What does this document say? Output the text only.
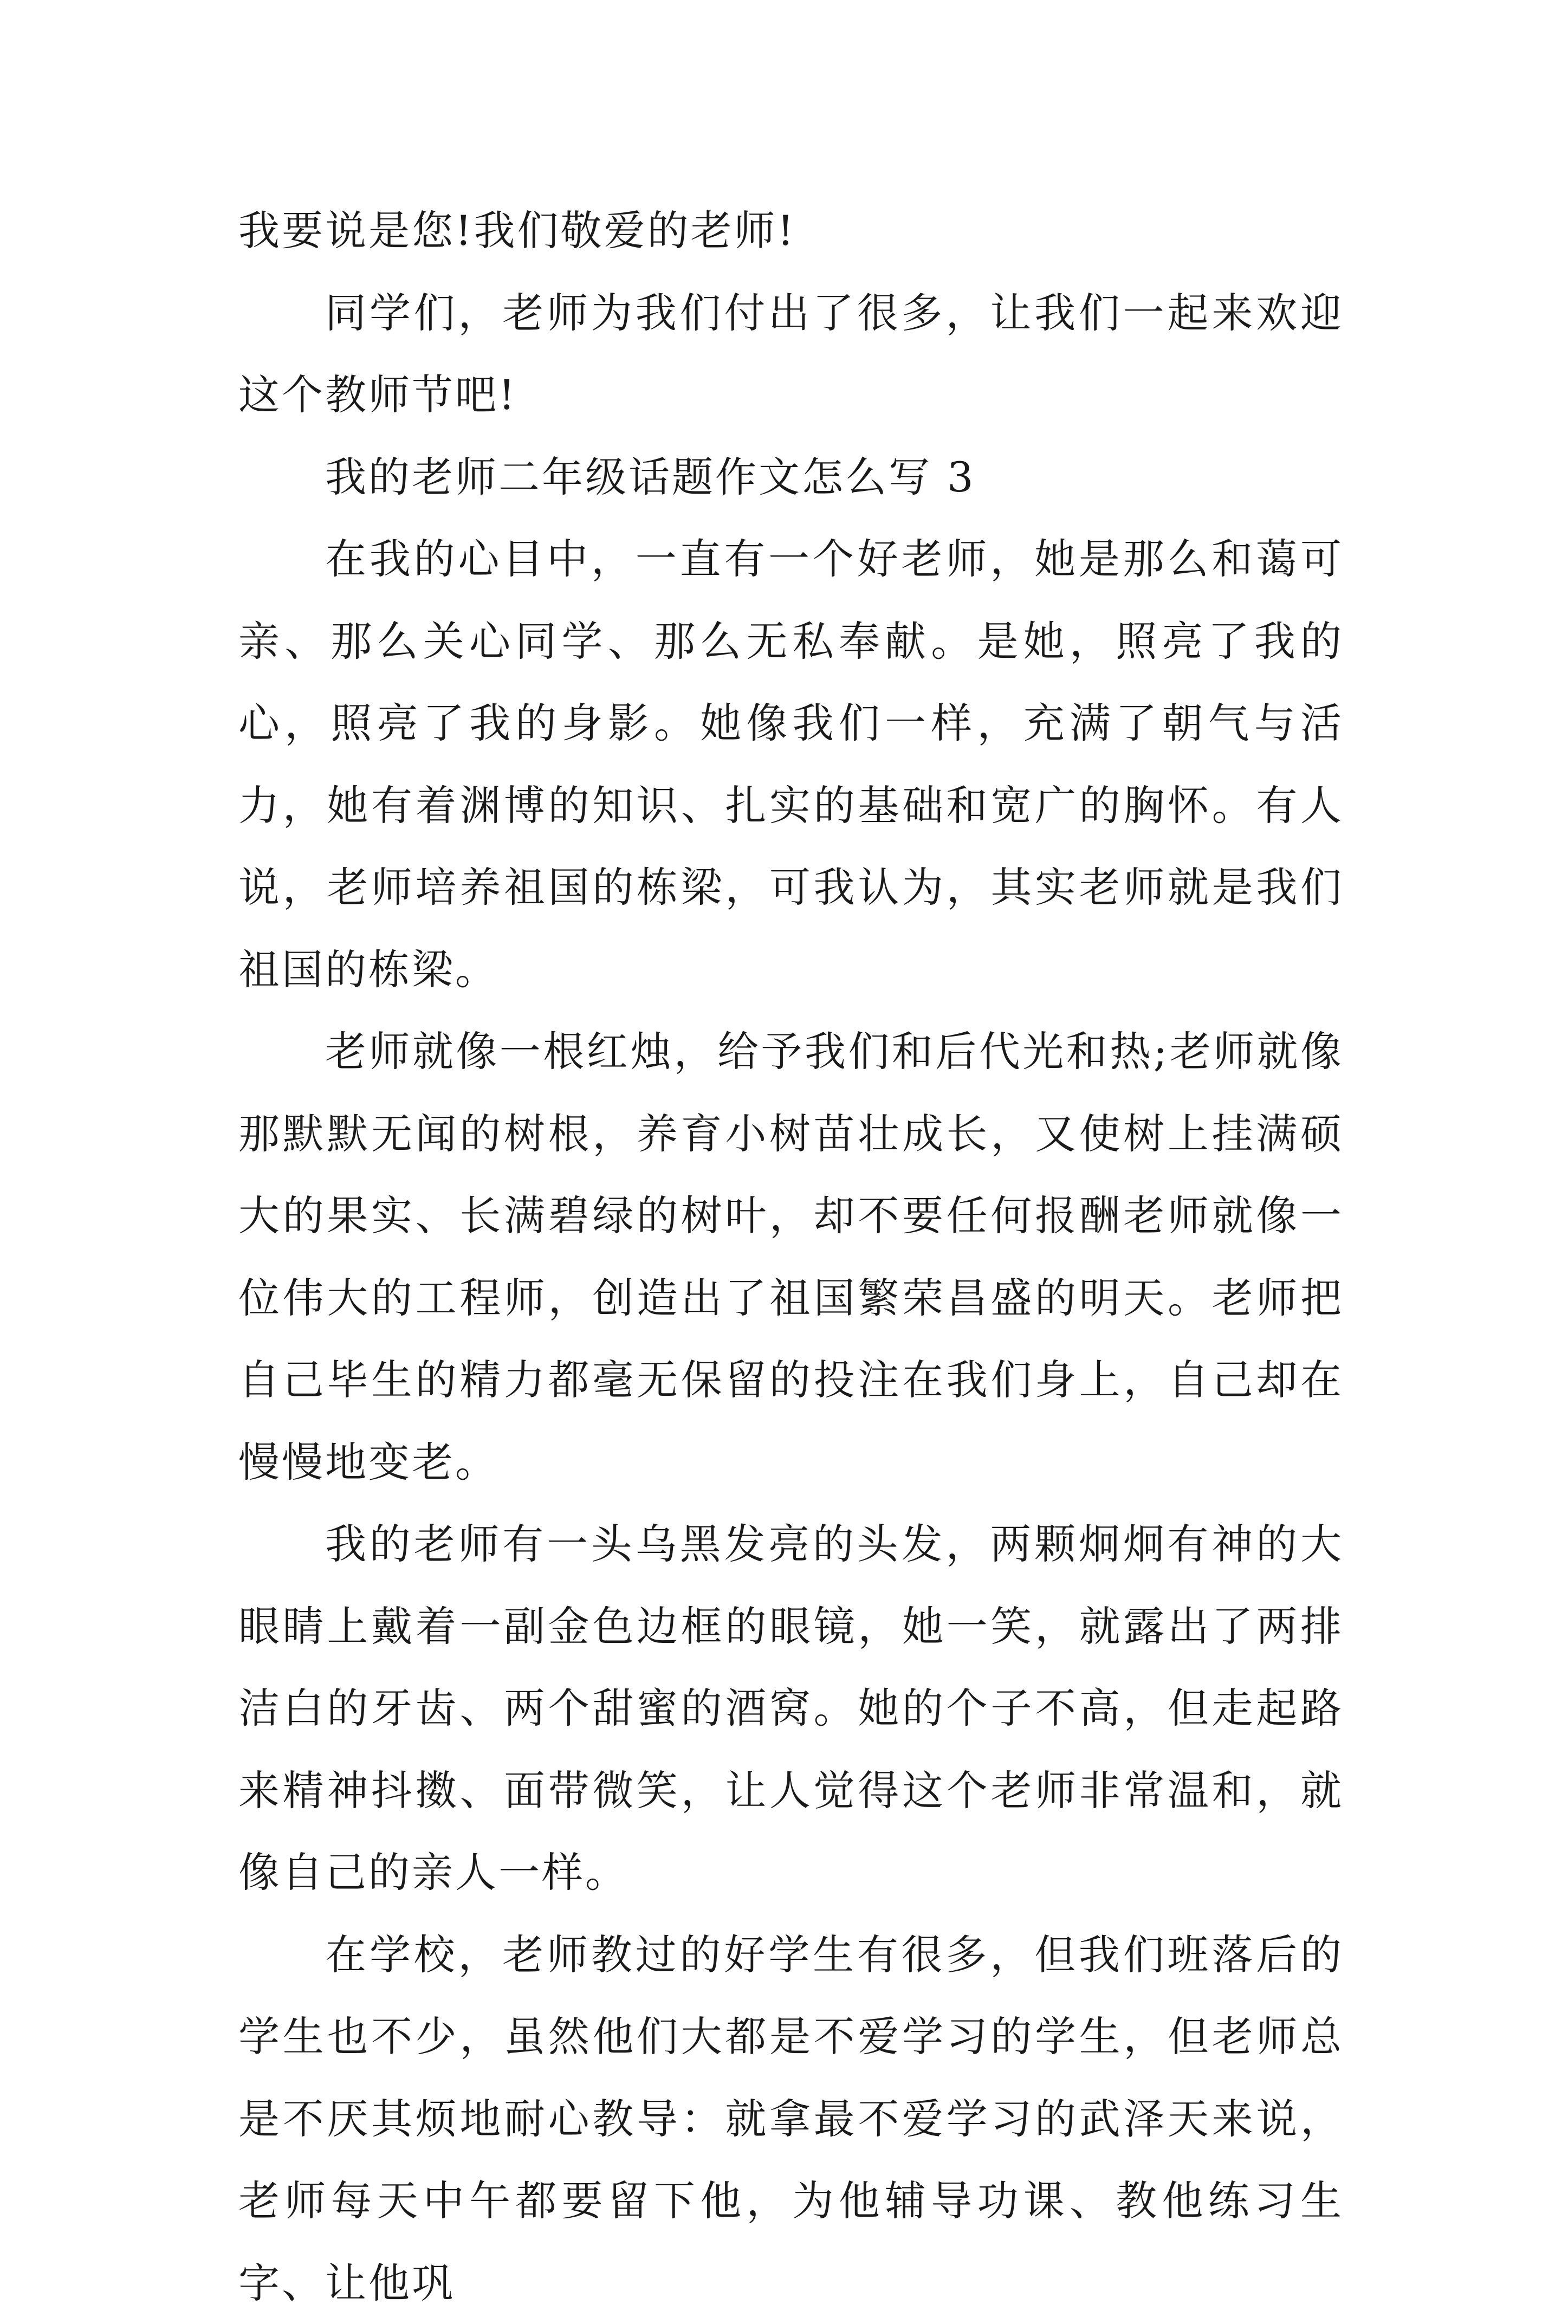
我要说是您!我们敬爱的老师!

同学们，老师为我们付出了很多，让我们一起来欢迎这个教师节吧!

我的老师二年级话题作文怎么写 3

在我的心目中，一直有一个好老师，她是那么和蔼可亲、那么关心同学、那么无私奉献。是她，照亮了我的心，照亮了我的身影。她像我们一样，充满了朝气与活力，她有着渊博的知识、扎实的基础和宽广的胸怀。有人说，老师培养祖国的栋梁，可我认为，其实老师就是我们祖国的栋梁。

老师就像一根红烛，给予我们和后代光和热;老师就像那默默无闻的树根，养育小树苗壮成长，又使树上挂满硕大的果实、长满碧绿的树叶，却不要任何报酬老师就像一位伟大的工程师，创造出了祖国繁荣昌盛的明天。老师把自己毕生的精力都毫无保留的投注在我们身上，自己却在慢慢地变老。

我的老师有一头乌黑发亮的头发，两颗炯炯有神的大眼睛上戴着一副金色边框的眼镜，她一笑，就露出了两排洁白的牙齿、两个甜蜜的酒窝。她的个子不高，但走起路来精神抖擞、面带微笑，让人觉得这个老师非常温和，就像自己的亲人一样。

在学校，老师教过的好学生有很多，但我们班落后的学生也不少，虽然他们大都是不爱学习的学生，但老师总是不厌其烦地耐心教导：就拿最不爱学习的武泽天来说，老师每天中午都要留下他，为他辅导功课、教他练习生字、让他巩
